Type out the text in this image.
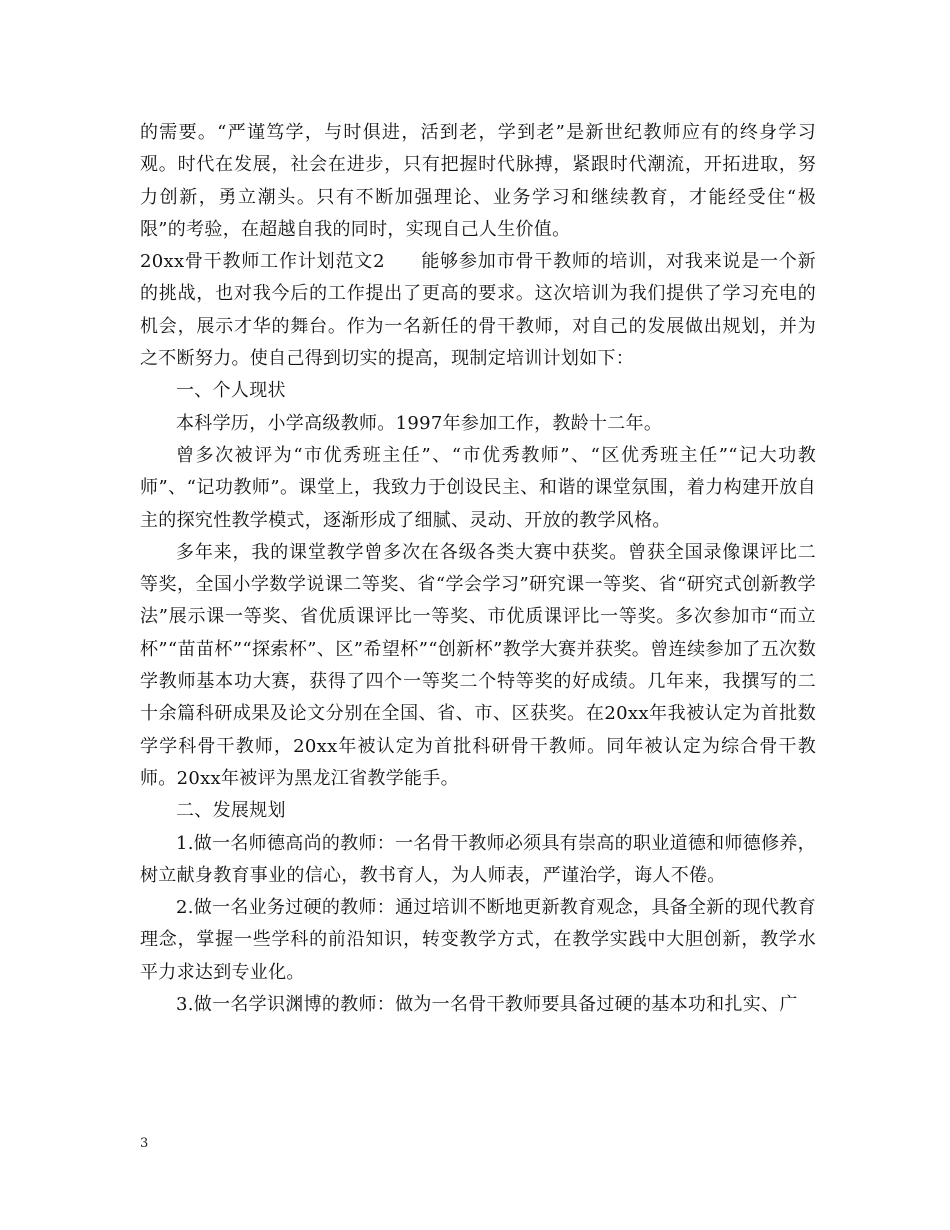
的需要。“严谨笃学，与时俱进，活到老，学到老”是新世纪教师应有的终身学习观。时代在发展，社会在进步，只有把握时代脉搏，紧跟时代潮流，开拓进取，努力创新，勇立潮头。只有不断加强理论、业务学习和继续教育，才能经受住“极限”的考验，在超越自我的同时，实现自己人生价值。

20xx骨干教师工作计划范文2 能够参加市骨干教师的培训，对我来说是一个新的挑战，也对我今后的工作提出了更高的要求。这次培训为我们提供了学习充电的机会，展示才华的舞台。作为一名新任的骨干教师，对自己的发展做出规划，并为之不断努力。使自己得到切实的提高，现制定培训计划如下：

一、个人现状

本科学历，小学高级教师。1997年参加工作，教龄十二年。

曾多次被评为“市优秀班主任”、“市优秀教师”、“区优秀班主任”“记大功教师”、“记功教师”。课堂上，我致力于创设民主、和谐的课堂氛围，着力构建开放自主的探究性教学模式，逐渐形成了细腻、灵动、开放的教学风格。

多年来，我的课堂教学曾多次在各级各类大赛中获奖。曾获全国录像课评比二等奖，全国小学数学说课二等奖、省“学会学习”研究课一等奖、省“研究式创新教学法”展示课一等奖、省优质课评比一等奖、市优质课评比一等奖。多次参加市“而立杯”“苗苗杯”“探索杯”、区”希望杯”“创新杯”教学大赛并获奖。曾连续参加了五次数学教师基本功大赛，获得了四个一等奖二个特等奖的好成绩。几年来，我撰写的二十余篇科研成果及论文分别在全国、省、市、区获奖。在20xx年我被认定为首批数学学科骨干教师，20xx年被认定为首批科研骨干教师。同年被认定为综合骨干教师。20xx年被评为黑龙江省教学能手。

二、发展规划

1.做一名师德高尚的教师：一名骨干教师必须具有崇高的职业道德和师德修养，树立献身教育事业的信心，教书育人，为人师表，严谨治学，诲人不倦。

2.做一名业务过硬的教师：通过培训不断地更新教育观念，具备全新的现代教育理念，掌握一些学科的前沿知识，转变教学方式，在教学实践中大胆创新，教学水平力求达到专业化。

3.做一名学识渊博的教师：做为一名骨干教师要具备过硬的基本功和扎实、广

3
